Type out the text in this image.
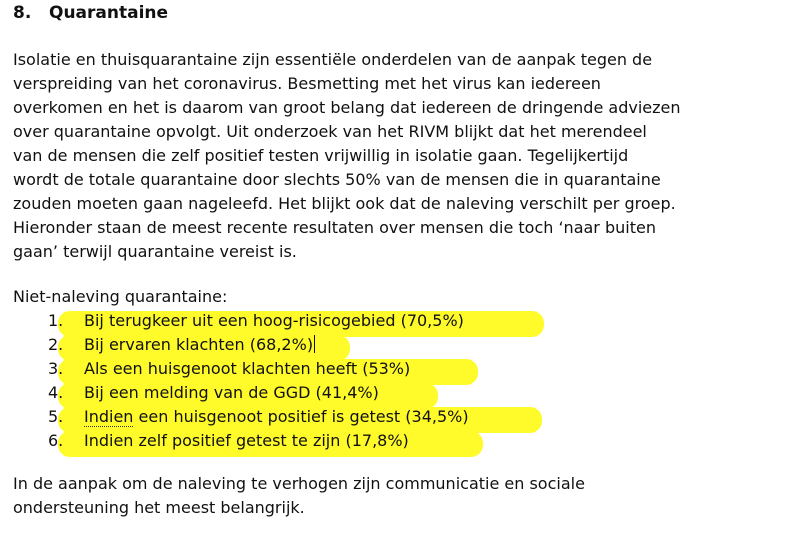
8. Quarantaine
Isolatie en thuisquarantaine zijn essentiële onderdelen van de aanpak tegen de
verspreiding van het coronavirus. Besmetting met het virus kan iedereen
overkomen en het is daarom van groot belang dat iedereen de dringende adviezen
over quarantaine opvolgt. Uit onderzoek van het RIVM blijkt dat het merendeel
van de mensen die zelf positief testen vrijwillig in isolatie gaan. Tegelijkertijd
wordt de totale quarantaine door slechts 50% van de mensen die in quarantaine
zouden moeten gaan nageleefd. Het blijkt ook dat de naleving verschilt per groep.
Hieronder staan de meest recente resultaten over mensen die toch ‘naar buiten
gaan’ terwijl quarantaine vereist is.
Niet-naleving quarantaine:
1. Bij terugkeer uit een hoog-risicogebied (70,5%)
2. Bij ervaren klachten (68,2%)
3. Als een huisgenoot klachten heeft (53%)
4. Bij een melding van de GGD (41,4%)
5. Indien een huisgenoot positief is getest (34,5%)
6. Indien zelf positief getest te zijn (17,8%)
In de aanpak om de naleving te verhogen zijn communicatie en sociale
ondersteuning het meest belangrijk.
